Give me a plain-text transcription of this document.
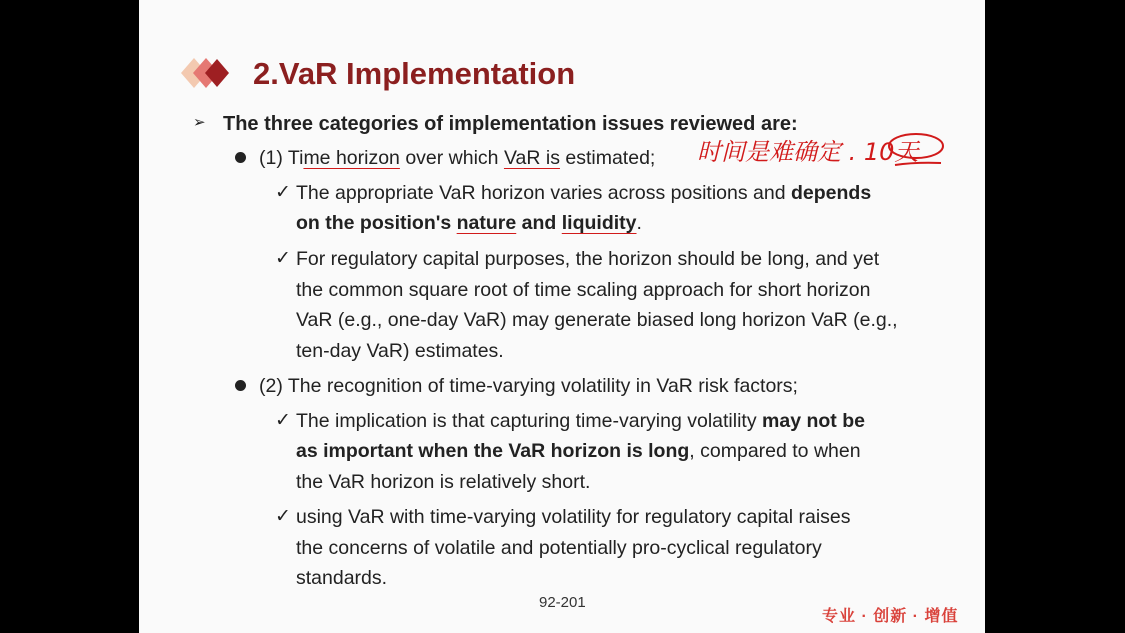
2.VaR Implementation
➢ The three categories of implementation issues reviewed are:
(1) Time horizon over which VaR is estimated;
✓ The appropriate VaR horizon varies across positions and depends
on the position's nature and liquidity.
✓ For regulatory capital purposes, the horizon should be long, and yet
the common square root of time scaling approach for short horizon
VaR (e.g., one-day VaR) may generate biased long horizon VaR (e.g.,
ten-day VaR) estimates.
(2) The recognition of time-varying volatility in VaR risk factors;
✓ The implication is that capturing time-varying volatility may not be
as important when the VaR horizon is long, compared to when
the VaR horizon is relatively short.
✓ using VaR with time-varying volatility for regulatory capital raises
the concerns of volatile and potentially pro-cyclical regulatory
standards.
时间是难确定 . 10天
92-201
专业 · 创新 · 增值
